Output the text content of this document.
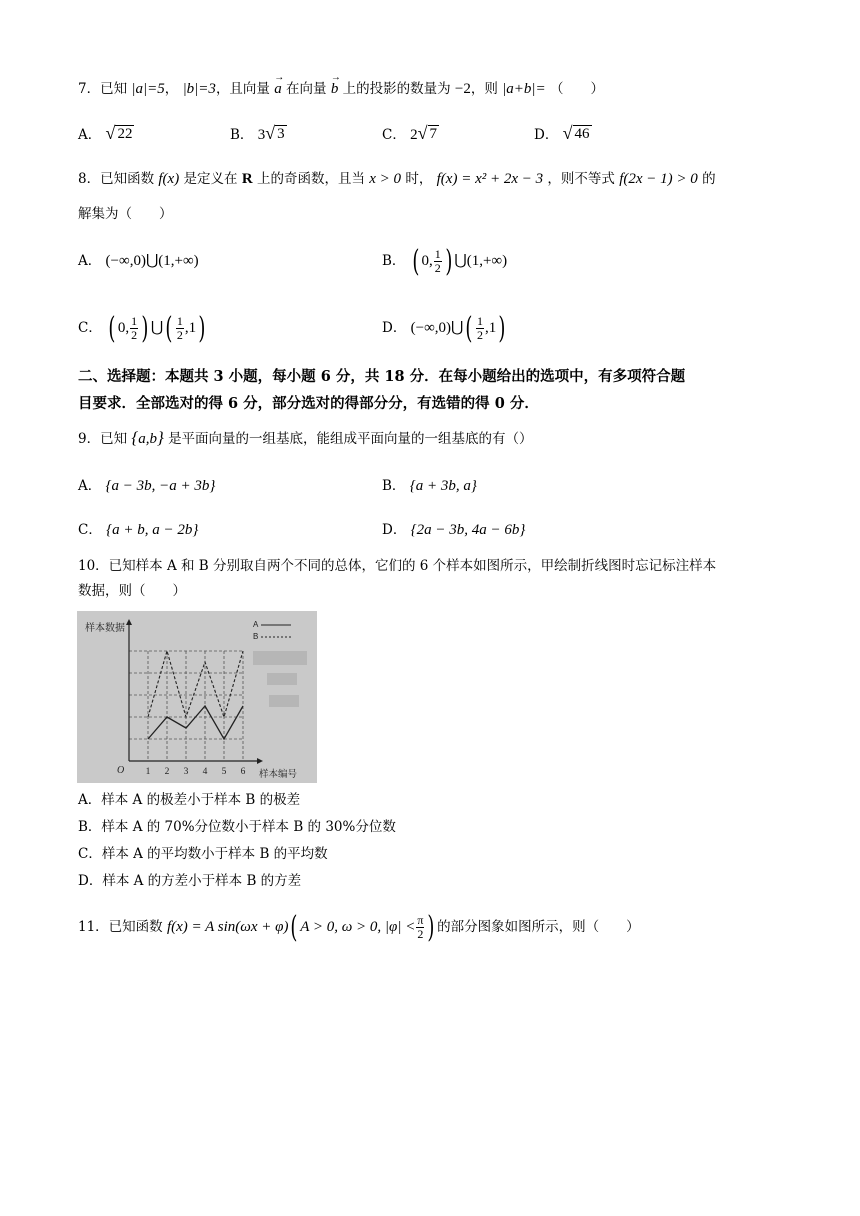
7．已知 |a|=5， |b|=3，且向量 → a 在向量 → b 上的投影的数量为 −2，则 |a+b|= （　　）
A． √ 22	B． 3 √ 3	C． 2 √ 7	D． √ 46
8．已知函数 f(x) 是定义在 R 上的奇函数，且当 x > 0 时， f(x) = x² + 2x − 3 ，则不等式 f(2x − 1) > 0 的
解集为（　　）
A． (−∞,0)⋃(1,+∞)	B． ( 0, $\frac{1}{2}$ ) ⋃(1,+∞)
C． ( 0, $\frac{1}{2}$ ) ⋃( $\frac{1}{2} ,1$)	D． (−∞,0)⋃( $\frac{1}{2} ,1$)
二、选择题：本题共 3 小题，每小题 6 分，共 18 分．在每小题给出的选项中，有多项符合题
目要求．全部选对的得 6 分，部分选对的得部分分，有选错的得 0 分．
9．已知 {a,b} 是平面向量的一组基底，能组成平面向量的一组基底的有（）
A． {a − 3b, −a + 3b}	B． {a + 3b, a}
C． {a + b, a − 2b}	D． {2a − 3b, 4a − 6b}
10．已知样本 A 和 B 分别取自两个不同的总体，它们的 6 个样本如图所示，甲绘制折线图时忘记标注样本
数据，则（　　）
样本数据
O 1 2 3 4 5 6 样本编号
A
B
A．样本 A 的极差小于样本 B 的极差
B．样本 A 的 70%分位数小于样本 B 的 30%分位数
C．样本 A 的平均数小于样本 B 的平均数
D．样本 A 的方差小于样本 B 的方差
11．已知函数 f(x) = A sin(ωx + φ)( A > 0, ω > 0, $|\varphi| < \frac{\pi}{2}$ ) 的部分图象如图所示，则（　　）
